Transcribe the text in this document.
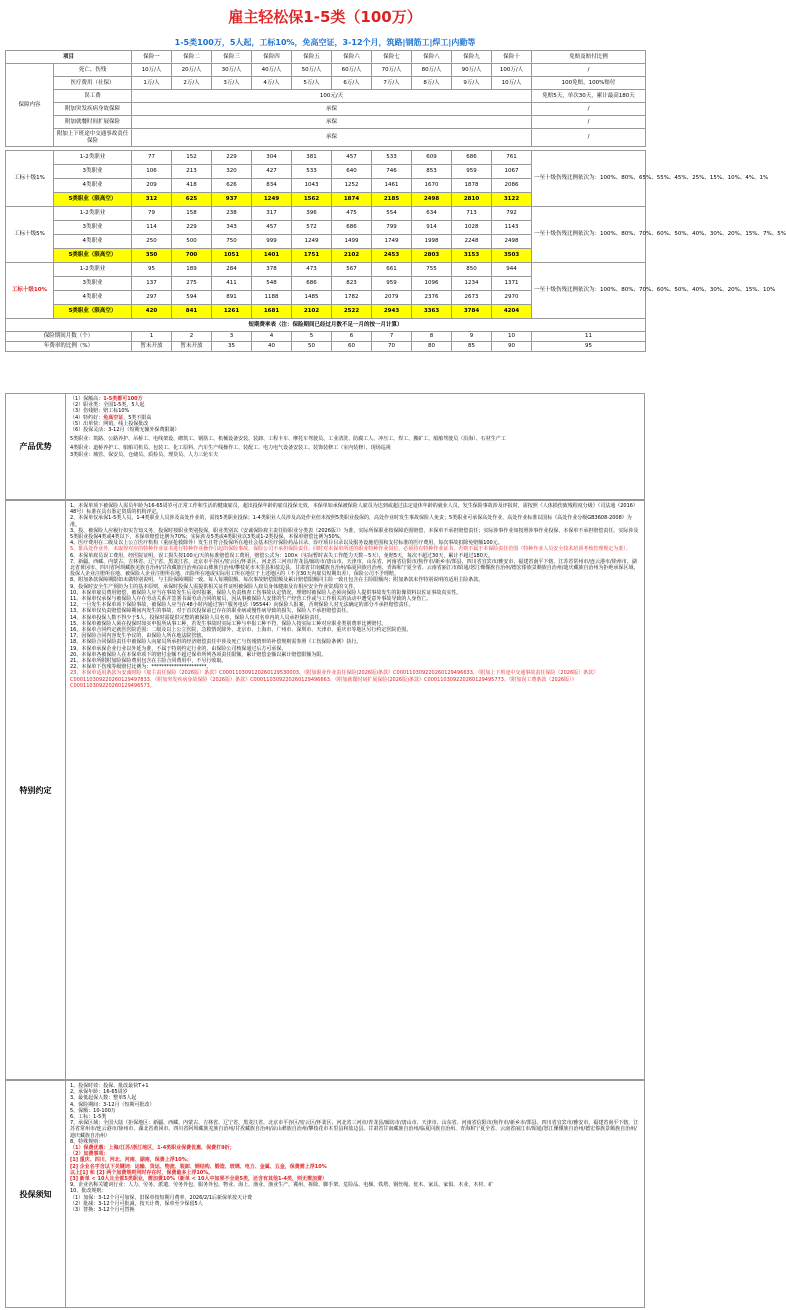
雇主轻松保1-5类（100万）
1-5类100万，5人起，工标10%，免高空证，3-12个月，筑路|钢筋工|焊工|内勤等
项目		保险一	保险二	保险三	保险四	保险五	保险六	保险七	保险八	保险九	保险十	免赔及赔付比例	
保障内容	死亡、伤残	10万/人	20万/人	30万/人	40万/人	50万/人	60万/人	70万/人	80万/人	90万/人	100万/人	/	
	医疗费用（社保）	1万/人	2万/人	3万/人	4万/人	5万/人	6万/人	7万/人	8万/人	9万/人	10万/人	100免赔，100%赔付	
	误工费	100元/天										免赔5天，单次30天，累计最高180天	
	附加突发疾病身故保障	承保										/	
	附加就餐时间扩展保险	承保										/	
	附加上下班途中交通事故责任保险	承保										/	

工标十级1%	1-2类职业	77	152	229	304	381	457	533	609	686	761	一至十级伤残比例依次为：100%、80%、65%、55%、45%、25%、15%、10%、4%、1%	
	3类职业	106	213	320	427	533	640	746	853	959	1067		
	4类职业	209	418	626	834	1043	1252	1461	1670	1878	2086		
	5类职业（限高空）	312	625	937	1249	1562	1874	2185	2498	2810	3122		
工标十级5%	1-2类职业	79	158	238	317	396	475	554	634	713	792	一至十级伤残比例依次为：100%、80%、70%、60%、50%、40%、30%、20%、15%、7%、5%	
	3类职业	114	229	343	457	572	686	799	914	1028	1143		
	4类职业	250	500	750	999	1249	1499	1749	1998	2248	2498		
	5类职业（限高空）	350	700	1051	1401	1751	2102	2453	2803	3153	3503		
工标十级10%	1-2类职业	95	189	284	378	473	567	661	755	850	944	一至十级伤残比例依次为：100%、80%、70%、60%、50%、40%、30%、20%、15%、10%	
	3类职业	137	275	411	548	686	823	959	1096	1234	1371		
	4类职业	297	594	891	1188	1485	1782	2079	2376	2673	2970		
	5类职业（限高空）	420	841	1261	1681	2102	2522	2943	3363	3784	4204		
短期费率表（注：保险期间已经过月数不足一月的按一月计算）													
保险期间月数（个）		1	2	3	4	5	6	7	8	9	10	11	
年费率的比例（%）		暂未开放	暂未开放	35	40	50	60	70	80	85	90	95	
产品优势

（1）保额高：1-5类都可100万

（2）职业类：全国1-5类，5人起

（3）伤残赔：赔工标10%

（4）特约好：免高空证，5类不限高

（5）出单快：网销，线上投保批改

（6）投保灵活：3-12月（短期无额外保费限制）

5类职业：筑路、公路养护、吊桥工、电线架设、砌筑工、钢筋工、机械设备安装、装卸、工程卡车、摩托车驾驶员、工业清洗、防腐工人、冲压工、焊工、搬矿工、船舶驾驶员（沿海）、石材生产工

4类职业：道桥养护工、船舶司机员、包装工、化工原料、汽车生产线操作工、装配工、电力电气设备安装工、装饰装修工（室内装修）、现场巡视

3类职业：城管、保安员、仓储员、质检员、理货员、人力三轮车夫

特别约定

1、本保单项下被保险人需员年龄为16-65周岁可正常工作和生活的健康雇员，超出投保年龄的雇员投保无效，本保单如承保被保险人雇员为达到或超过法定退休年龄的就业人员，发生保险事故涉及评报时，需按照《人体损伤致残程度分级》（司法通（2016）48号）标准在具有鉴定资质的机构评定。

2、本保单仅承保1-5类人员。1-4类职业人员涉及高处作业的，需按5类职业投保；1-4类职业人员涉及高处作业但未按照5类职业投保的，高处作业时发生事故保险人免责；5类职业可承保高处作业，高处作业标准以国标《高处作业分级GB3608-2008》为准。

3、投、被保险人应履行如实告知义务，投保时按职业类别投保，职业类别以《安诚保险雇主责任险职业分类表（2026版）》为准，实际所保职业按保障范围赔偿，本保单不承担赔偿责任；实际涉事作业如按照涉事作业投保，本保单不承担赔偿责任。实际涉及5类职业投保4类或4类以下，本保单赔偿比例为70%；实际涉及5类或4类职业以3类或1-2类投保，本保单赔偿比例为50%。

4、医疗费用在二级及以上公立医疗机构（重症抢救除外）发生且符合投保所在地社会基本医疗保险药品目录、诊疗项目目录以及服务设施范围和支付标准的医疗费用，每次事故扣除免赔额100元。

5、排高处作业外，未取得对应的特种作业证书进行特种作业操作引起的保险事故，保险公司不承担保险责任。同时对本保单所述的职业特种作业岗位，必须持有特种作业证书，否则不属于本保险责任范围（特种作业人员安全技术培训考核管理规定为准）。

6、本保单雇员误工费用，经医院证明，误工损失按100元/天的标准赔偿误工费用，赔偿公式为：100×（实际暂时丧失工作能力天数－5天），免赔5天，每次不超过30天，累计不超过180天。

7、新疆、西藏、内蒙古、吉林省、辽宁省、黑龙江省、北京市平谷区/密云区/怀柔区、河北省三河市/青龙县/廊坊市/唐山市、天津市、山东省、河南省信阳市/焦作市/新乡市/郑县、四川省宜宾市/雅安市、福建省南平下辖、江苏省常州市/连云港市/徐州市、湖北省黄冈市、四川省阿坝藏族羌族自治州/甘孜藏族自治州/凉山彝族自治州/攀枝花市木里县和盐边县，甘肃省甘南藏族自治州/临夏回族自治州、青海和宁夏全省、云南省丽江市/昭通/怒江傈僳族自治州/德宏傣族景颇族自治州/迪庆藏族自治州为拒绝承保区域，投保人企业注册所在地、被保险人企业注册所在地、出险所在地或实际用工所在地位于上述地区的（不含30天内雇员短期出差），保险公司不予理赔。

8、附加条款保障期限如未做特别说明，与主险保障期限一致。每人每期限额、每次事故赔偿限额及累计赔偿限额同主险一致且包含在主险限额内；附加条款未作特别说明的适用主险条款。

9、投保时安全生产预防为主的基本原则，承保时投保人需提供相关证件证明被保险人雇员身体健康及有相应安全作业资质的文件。

10、本保单雇员费用赔偿，被保险人应当在事故发生后及时报案，保险人负责核查工伤事故认定情况，理赔时被保险人必须向保险人提供事故发生的影像资料以佐证事故真实性。

11、本保单仅承保与被保险人存在劳动关系并签署书面劳动合同的雇员，因从事被保险人安排的生产经营工作或与工作相关的活动中遭受意外事故导致的人身伤亡。

12、一旦发生本保单项下保险事故，被保险人应当在48小时内通过客户服务电话（95544）向保险人报案，否则保险人对无法确定的部分不承担赔偿责任。

13、本保单仅负责赔偿保障期间内发生的事故，对于首次投保前已存在的职业病或慢性病导致的损失，保险人不承担赔偿责任。

14、本保单投保人数不得少于5人，投保时需提供完整的被保险人员名单，保险人仅对名单内的人员承担保险责任。

15、本保单被保险人须在投保时如实申报所从事工种，若发生事故时实际工种与申报工种不符，保险人按实际工种对应职业类别费率比例赔付。

16、本保单合同约定就医医院范围：二级及以上公立医院，急救情况除外，北京市、上海市、广州市、深圳市、天津市、重庆市等地区另行约定医院范围。

17、因保险合同内容发生争议的，由保险人所在地法院管辖。

18、本保险合同保险责任中被保险人向雇员所承担的经济赔偿责任中涉及死亡与伤残情形的补偿规则需参照《工伤保险条例》执行。

19、本保单承保企业行业以外延为准，不属于特别约定行业的，由保险公司核保通过后方可承保。

20、本保单各被保险人在本保单项下的赔付金额不超过保单所列各项责任限额，累计赔偿金额以累计赔偿限额为限。

21、本保单所附附加险保险费用包含在主险合同费用中，不另行收取。

22、本保单下伤残等级赔付比例为：**********************。

23、本保单适用条款为安诚财险《雇主责任保险（2026版）条款》C000110309120260129530003、《附加职业作业责任保险(2026版)条款》C000110309220260129496633、《附加上下班途中交通事故责任保险（2026版）条款》C000110309220260129497833、《附加突发疾病身故保险（2026版）条款》C000110309220260129496663、《附加就餐时间扩展保险(2026版)条款》C000110309220260129495773、《附加误工费条款（2026版）》C000110309220260129496573。

投保须知

1、投保时效：投保、批改最快T+1

2、承保年龄：16-65周岁

3、最低起保人数：整单5人起

4、保险期间：3-12月（短期可批改）

5、保额：10-100万

6、工标：1-5类

7、承保区域：全国大陆（拒保地区：新疆、西藏、内蒙古、吉林省、辽宁省、黑龙江省、北京市平谷区/密云区/怀柔区、河北省三河市/青龙县/廊坊市/唐山市、天津市、山东省、河南省信阳市/焦作市/新乡市/郑县、四川省宜宾市/雅安市、福建省南平下辖、江苏省常州市/连云港市/徐州市、湖北省黄冈市、四川省阿坝藏族羌族自治州/甘孜藏族自治州/凉山彝族自治州/攀枝花市木里县和盐边县、甘肃省甘南藏族自治州/临夏回族自治州、青海和宁夏全省、云南省丽江市/昭通/怒江傈僳族自治州/德宏傣族景颇族自治州/迪庆藏族自治州）

8、特殊规则：

（1）保费优惠：上海/江苏/浙江地区，1-4类职业保费优惠，保费打9折；

（2）加费事项：

[1] 重庆、四川、河北、河南、湖南，保费上浮10%；

[2] 企业名字含以下关键词：运输、货运、物流、装卸、钢结构、锻造、玻璃、电力、金属、五金，保费需上浮10%

以上[1] 和 [2] 两个加费规则同时存在时，保费最多上浮10%。

[3] 新单 < 10人且全部5类职业，需加费10%（新单 < 10人中如果不全是5类，还含有其他1-4类，则无需加费）

9、企业名称关键词行业：人力、劳务、派遣、劳务外包、服务外包、物业、海上、渔业、渔业生产、冀州、拆除、脚手架、危险品、电梯、铁塔、钢丝绳、优木、家具、家俱、木业、木材、矿

10、批改规则：

（1）加保：3-12个月可加保，旧保单按短期月费率，2026/2/1后新保单按天计费

（2）批减：3-12个月可批减，按天计费，保单至少保留5人

（3）替换：3-12个月可替换
